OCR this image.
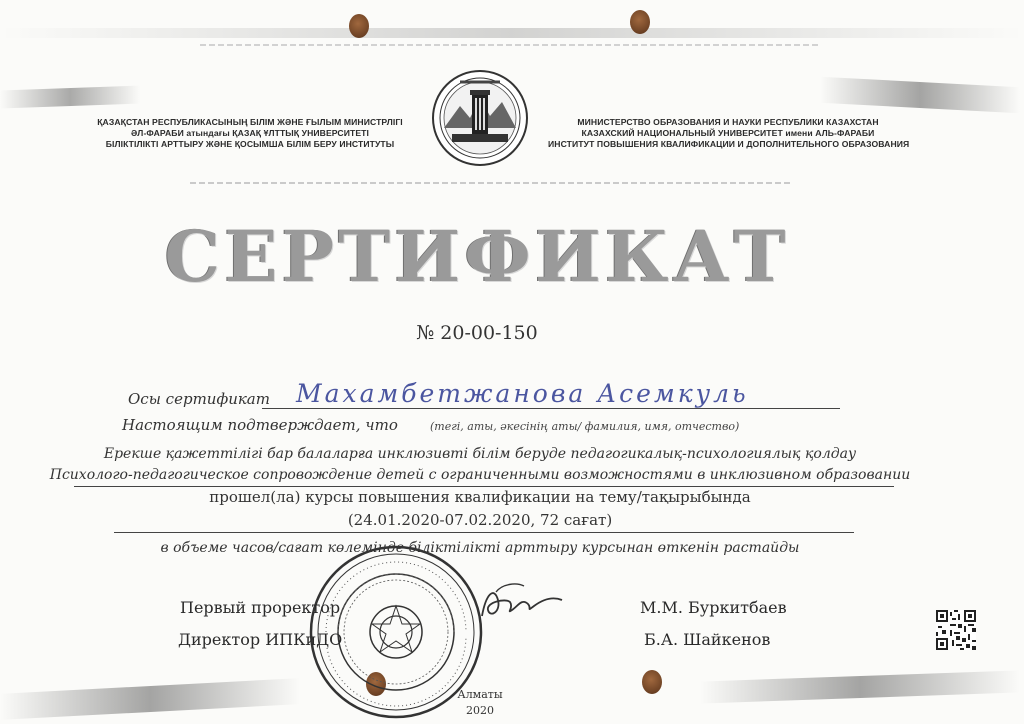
ҚАЗАҚСТАН РЕСПУБЛИКАСЫНЫҢ БІЛІМ ЖӘНЕ ҒЫЛЫМ МИНИСТРЛІГІ
ӘЛ-ФАРАБИ атындағы ҚАЗАҚ ҰЛТТЫҚ УНИВЕРСИТЕТІ
БІЛІКТІЛІКТІ АРТТЫРУ ЖӘНЕ ҚОСЫМША БІЛІМ БЕРУ ИНСТИТУТЫ
МИНИСТЕРСТВО ОБРАЗОВАНИЯ И НАУКИ РЕСПУБЛИКИ КАЗАХСТАН
КАЗАХСКИЙ НАЦИОНАЛЬНЫЙ УНИВЕРСИТЕТ имени АЛЬ-ФАРАБИ
ИНСТИТУТ ПОВЫШЕНИЯ КВАЛИФИКАЦИИ И ДОПОЛНИТЕЛЬНОГО ОБРАЗОВАНИЯ
СЕРТИФИКАТ
№ 20-00-150
Осы сертификат Махамбетжанова Асемкуль
Настоящим подтверждает, что	(тегі, аты, әкесінің аты/ фамилия, имя, отчество)
Ерекше қажеттілігі бар балаларға инклюзивті білім беруде педагогикалық-психологиялық қолдау
Психолого-педагогическое сопровождение детей с ограниченными возможностями в инклюзивном образовании
прошел(ла) курсы повышения квалификации на тему/тақырыбында
(24.01.2020-07.02.2020, 72 сағат)
в объеме часов/сағат көлемінде біліктілікті арттыру курсынан өткенін растайды
Первый проректор	М.М. Буркитбаев
Директор ИПКиДО	Б.А. Шайкенов
Алматы
2020
